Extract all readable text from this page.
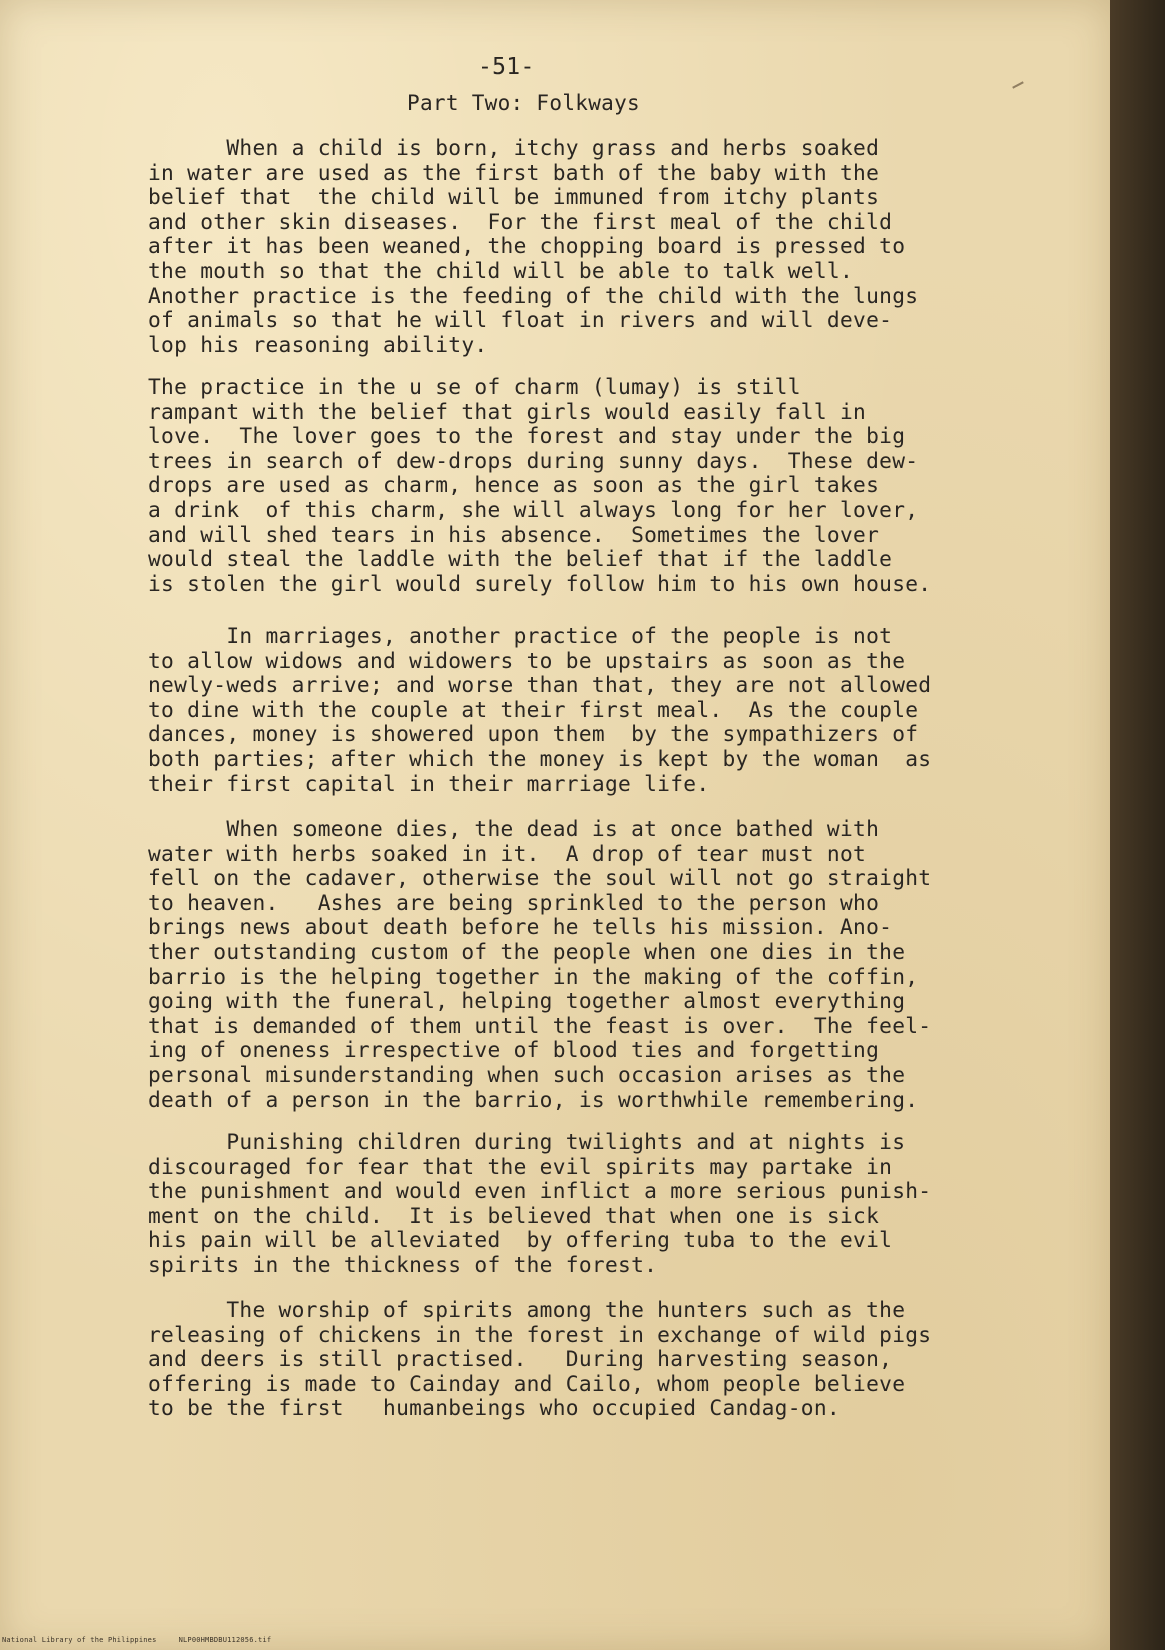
-51-
Part Two: Folkways
When a child is born, itchy grass and herbs soaked
in water are used as the first bath of the baby with the
belief that  the child will be immuned from itchy plants
and other skin diseases.  For the first meal of the child
after it has been weaned, the chopping board is pressed to
the mouth so that the child will be able to talk well.
Another practice is the feeding of the child with the lungs
of animals so that he will float in rivers and will deve-
lop his reasoning ability.
The practice in the u se of charm (lumay) is still
rampant with the belief that girls would easily fall in
love.  The lover goes to the forest and stay under the big
trees in search of dew-drops during sunny days.  These dew-
drops are used as charm, hence as soon as the girl takes
a drink  of this charm, she will always long for her lover,
and will shed tears in his absence.  Sometimes the lover
would steal the laddle with the belief that if the laddle
is stolen the girl would surely follow him to his own house.
In marriages, another practice of the people is not
to allow widows and widowers to be upstairs as soon as the
newly-weds arrive; and worse than that, they are not allowed
to dine with the couple at their first meal.  As the couple
dances, money is showered upon them  by the sympathizers of
both parties; after which the money is kept by the woman  as
their first capital in their marriage life.
When someone dies, the dead is at once bathed with
water with herbs soaked in it.  A drop of tear must not
fell on the cadaver, otherwise the soul will not go straight
to heaven.   Ashes are being sprinkled to the person who
brings news about death before he tells his mission. Ano-
ther outstanding custom of the people when one dies in the
barrio is the helping together in the making of the coffin,
going with the funeral, helping together almost everything
that is demanded of them until the feast is over.  The feel-
ing of oneness irrespective of blood ties and forgetting
personal misunderstanding when such occasion arises as the
death of a person in the barrio, is worthwhile remembering.
Punishing children during twilights and at nights is
discouraged for fear that the evil spirits may partake in
the punishment and would even inflict a more serious punish-
ment on the child.  It is believed that when one is sick
his pain will be alleviated  by offering tuba to the evil
spirits in the thickness of the forest.
The worship of spirits among the hunters such as the
releasing of chickens in the forest in exchange of wild pigs
and deers is still practised.   During harvesting season,
offering is made to Cainday and Cailo, whom people believe
to be the first   humanbeings who occupied Candag-on.
National Library of the Philippines     NLP00HMBDBU112056.tif
